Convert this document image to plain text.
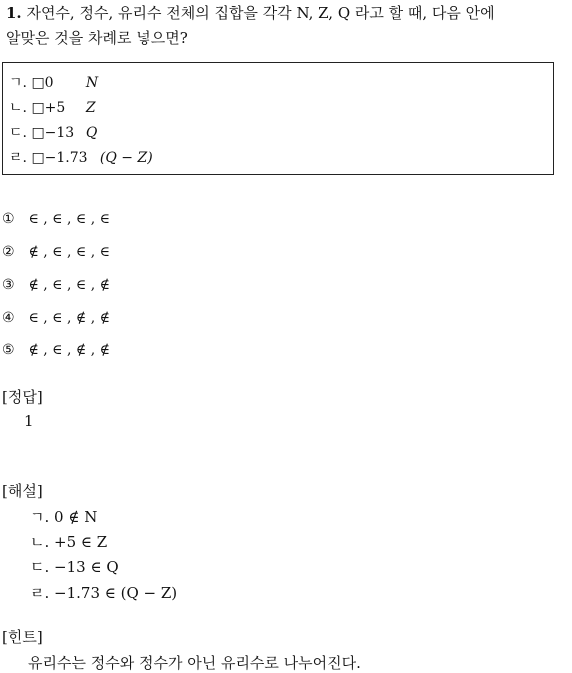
1. 자연수, 정수, 유리수 전체의 집합을 각각 N, Z, Q 라고 할 때, 다음 안에
알맞은 것을 차례로 넣으면?
ㄱ. □0 N
ㄴ. □+5 Z
ㄷ. □−13 Q
ㄹ. □−1.73 (Q − Z)
① ∈ , ∈ , ∈ , ∈
② ∉ , ∈ , ∈ , ∈
③ ∉ , ∈ , ∈ , ∉
④ ∈ , ∈ , ∉ , ∉
⑤ ∉ , ∈ , ∉ , ∉
[정답]
1
[해설]
ㄱ. 0 ∉ N
ㄴ. +5 ∈ Z
ㄷ. −13 ∈ Q
ㄹ. −1.73 ∈ (Q − Z)
[힌트]
유리수는 정수와 정수가 아닌 유리수로 나누어진다.
